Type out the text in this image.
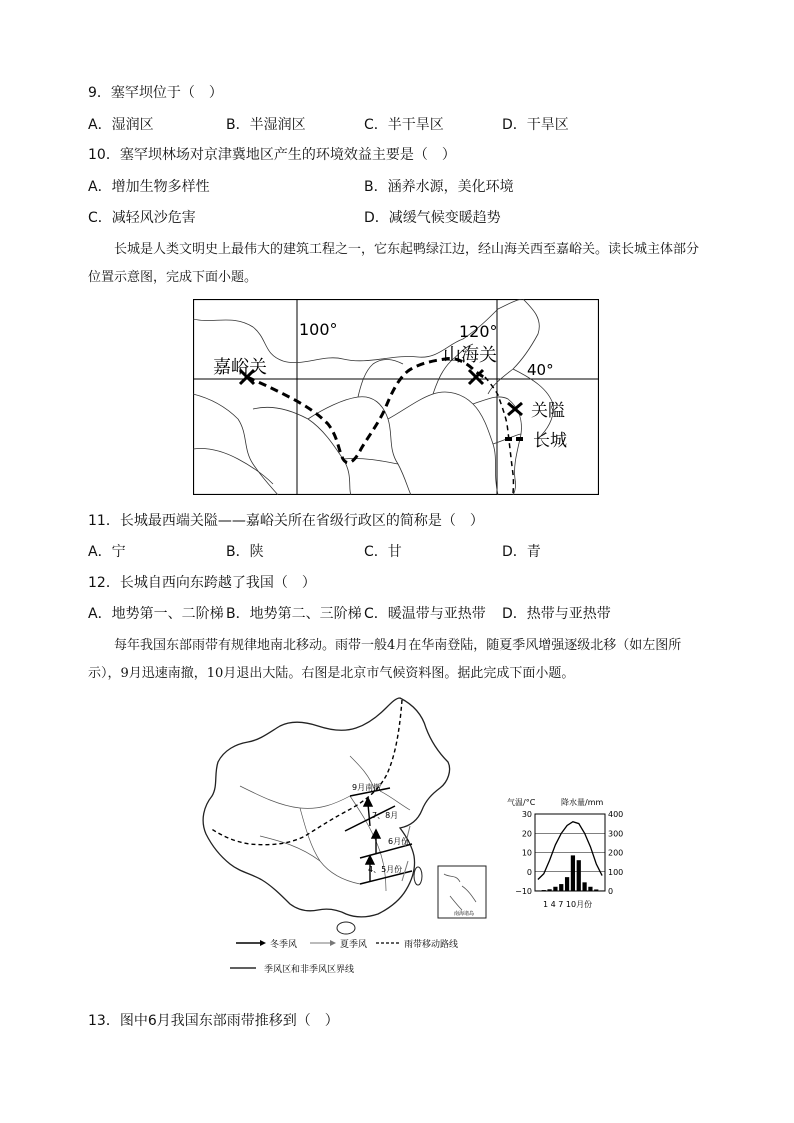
9．塞罕坝位于（　）
A．湿润区	B．半湿润区	C．半干旱区	D．干旱区
10．塞罕坝林场对京津冀地区产生的环境效益主要是（　）
A．增加生物多样性	B．涵养水源，美化环境
C．减轻风沙危害	D．减缓气候变暖趋势
长城是人类文明史上最伟大的建筑工程之一，它东起鸭绿江边，经山海关西至嘉峪关。读长城主体部分位置示意图，完成下面小题。
100°	120°
40°
嘉峪关
山海关
关隘
长城
11．长城最西端关隘——嘉峪关所在省级行政区的简称是（　）
A．宁	B．陕	C．甘	D．青
12．长城自西向东跨越了我国（　）
A．地势第一、二阶梯 B．地势第二、三阶梯 C．暖温带与亚热带 D．热带与亚热带
每年我国东部雨带有规律地南北移动。雨带一般4月在华南登陆，随夏季风增强逐级北移（如左图所示），9月迅速南撤，10月退出大陆。右图是北京市气候资料图。据此完成下面小题。
9月南撤
7、8月
6月份
4、5月份
南海诸岛
冬季风	夏季风	雨带移动路线
季风区和非季风区界线
气温/°C	降水量/mm
30
20
10
0
−10
400
300
200
100
0
1 4 7 10月份
13．图中6月我国东部雨带推移到（　）
